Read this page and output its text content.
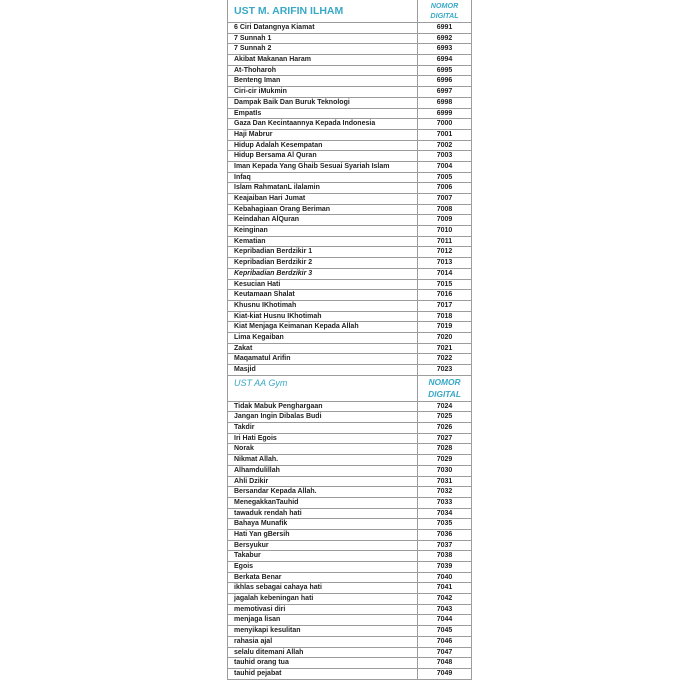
UST M. ARIFIN ILHAM	NOMOR
DIGITAL
6 Ciri Datangnya Kiamat	6991
7 Sunnah 1	6992
7 Sunnah 2	6993
Akibat Makanan Haram	6994
At-Thoharoh	6995
Benteng Iman	6996
Ciri-cir iMukmin	6997
Dampak Baik Dan Buruk Teknologi	6998
EmpatIs	6999
Gaza Dan Kecintaannya Kepada Indonesia	7000
Haji Mabrur	7001
Hidup Adalah Kesempatan	7002
Hidup Bersama Al Quran	7003
Iman Kepada Yang Ghaib Sesuai Syariah Islam	7004
Infaq	7005
Islam RahmatanL ilalamin	7006
Keajaiban Hari Jumat	7007
Kebahagiaan Orang Beriman	7008
Keindahan AlQuran	7009
Keinginan	7010
Kematian	7011
Kepribadian Berdzikir 1	7012
Kepribadian Berdzikir 2	7013
Kepribadian Berdzikir 3	7014
Kesucian Hati	7015
Keutamaan Shalat	7016
Khusnu IKhotimah	7017
Kiat-kiat Husnu IKhotimah	7018
Kiat Menjaga Keimanan Kepada Allah	7019
Lima Kegaiban	7020
Zakat	7021
Maqamatul Arifin	7022
Masjid	7023
UST AA Gym	NOMOR
DIGITAL
Tidak Mabuk Penghargaan	7024
Jangan Ingin Dibalas Budi	7025
Takdir	7026
Iri Hati Egois	7027
Norak	7028
Nikmat Allah.	7029
Alhamdulillah	7030
Ahli Dzikir	7031
Bersandar Kepada Allah.	7032
MenegakkanTauhid	7033
tawaduk rendah hati	7034
Bahaya Munafik	7035
Hati Yan gBersih	7036
Bersyukur	7037
Takabur	7038
Egois	7039
Berkata Benar	7040
ikhlas sebagai cahaya hati	7041
jagalah kebeningan hati	7042
memotivasi diri	7043
menjaga lisan	7044
menyikapi kesulitan	7045
rahasia ajal	7046
selalu ditemani Allah	7047
tauhid orang tua	7048
tauhid pejabat	7049
